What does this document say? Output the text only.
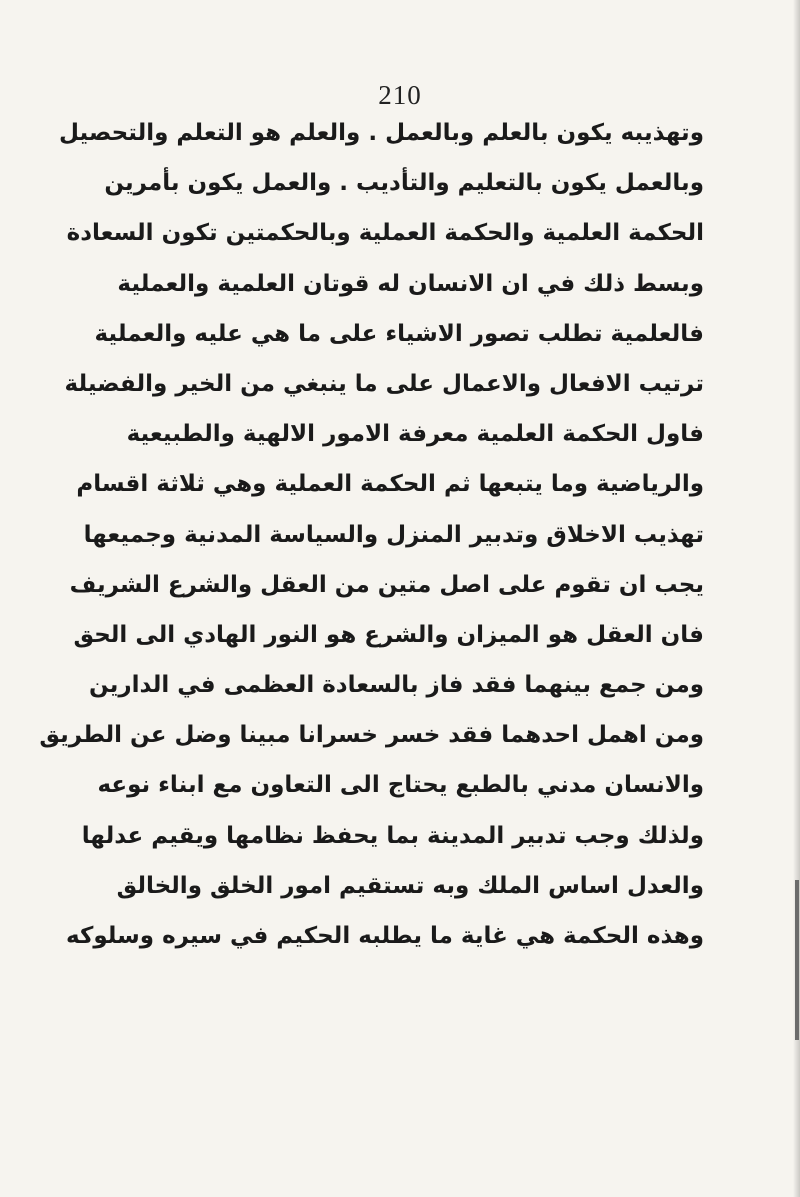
210
وتهذيبه يكون بالعلم وبالعمل . والعلم هو التعلم والتحصيل
وبالعمل يكون بالتعليم والتأديب . والعمل يكون بأمرين
الحكمة العلمية والحكمة العملية وبالحكمتين تكون السعادة
وبسط ذلك في ان الانسان له قوتان العلمية والعملية
فالعلمية تطلب تصور الاشياء على ما هي عليه والعملية
ترتيب الافعال والاعمال على ما ينبغي من الخير والفضيلة
فاول الحكمة العلمية معرفة الامور الالهية والطبيعية
والرياضية وما يتبعها ثم الحكمة العملية وهي ثلاثة اقسام
تهذيب الاخلاق وتدبير المنزل والسياسة المدنية وجميعها
يجب ان تقوم على اصل متين من العقل والشرع الشريف
فان العقل هو الميزان والشرع هو النور الهادي الى الحق
ومن جمع بينهما فقد فاز بالسعادة العظمى في الدارين
ومن اهمل احدهما فقد خسر خسرانا مبينا وضل عن الطريق
والانسان مدني بالطبع يحتاج الى التعاون مع ابناء نوعه
ولذلك وجب تدبير المدينة بما يحفظ نظامها ويقيم عدلها
والعدل اساس الملك وبه تستقيم امور الخلق والخالق
وهذه الحكمة هي غاية ما يطلبه الحكيم في سيره وسلوكه
